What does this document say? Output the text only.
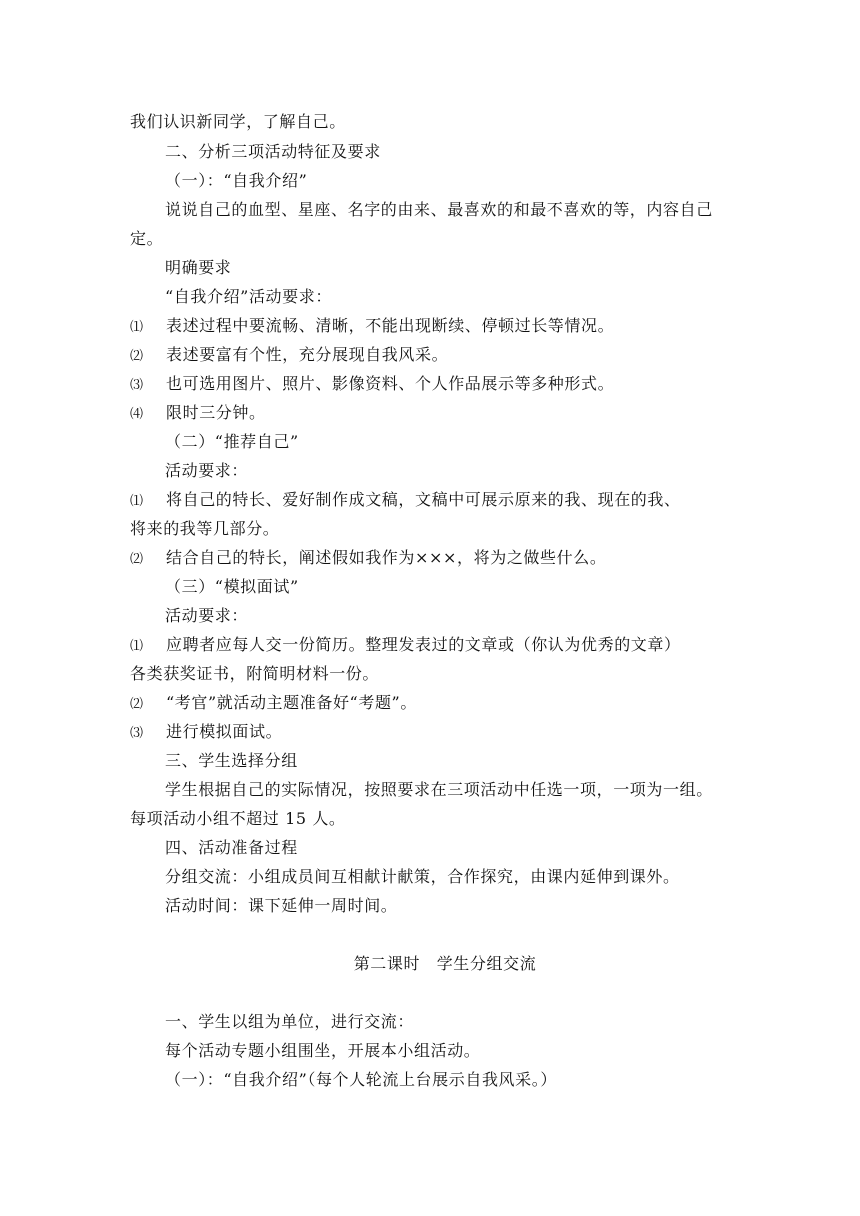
我们认识新同学，了解自己。
二、分析三项活动特征及要求
（一）：“自我介绍”
说说自己的血型、星座、名字的由来、最喜欢的和最不喜欢的等，内容自己
定。
明确要求
“自我介绍”活动要求：
⑴ 表述过程中要流畅、清晰，不能出现断续、停顿过长等情况。
⑵ 表述要富有个性，充分展现自我风采。
⑶ 也可选用图片、照片、影像资料、个人作品展示等多种形式。
⑷ 限时三分钟。
（二）“推荐自己”
活动要求：
⑴ 将自己的特长、爱好制作成文稿，文稿中可展示原来的我、现在的我、
将来的我等几部分。
⑵ 结合自己的特长，阐述假如我作为×××，将为之做些什么。
（三）“模拟面试”
活动要求：
⑴ 应聘者应每人交一份简历。整理发表过的文章或（你认为优秀的文章）
各类获奖证书，附简明材料一份。
⑵ “考官”就活动主题准备好“考题”。
⑶ 进行模拟面试。
三、学生选择分组
学生根据自己的实际情况，按照要求在三项活动中任选一项，一项为一组。
每项活动小组不超过 15 人。
四、活动准备过程
分组交流：小组成员间互相献计献策，合作探究，由课内延伸到课外。
活动时间：课下延伸一周时间。
第二课时　学生分组交流
一、学生以组为单位，进行交流：
每个活动专题小组围坐，开展本小组活动。
（一）：“自我介绍”（每个人轮流上台展示自我风采。）
